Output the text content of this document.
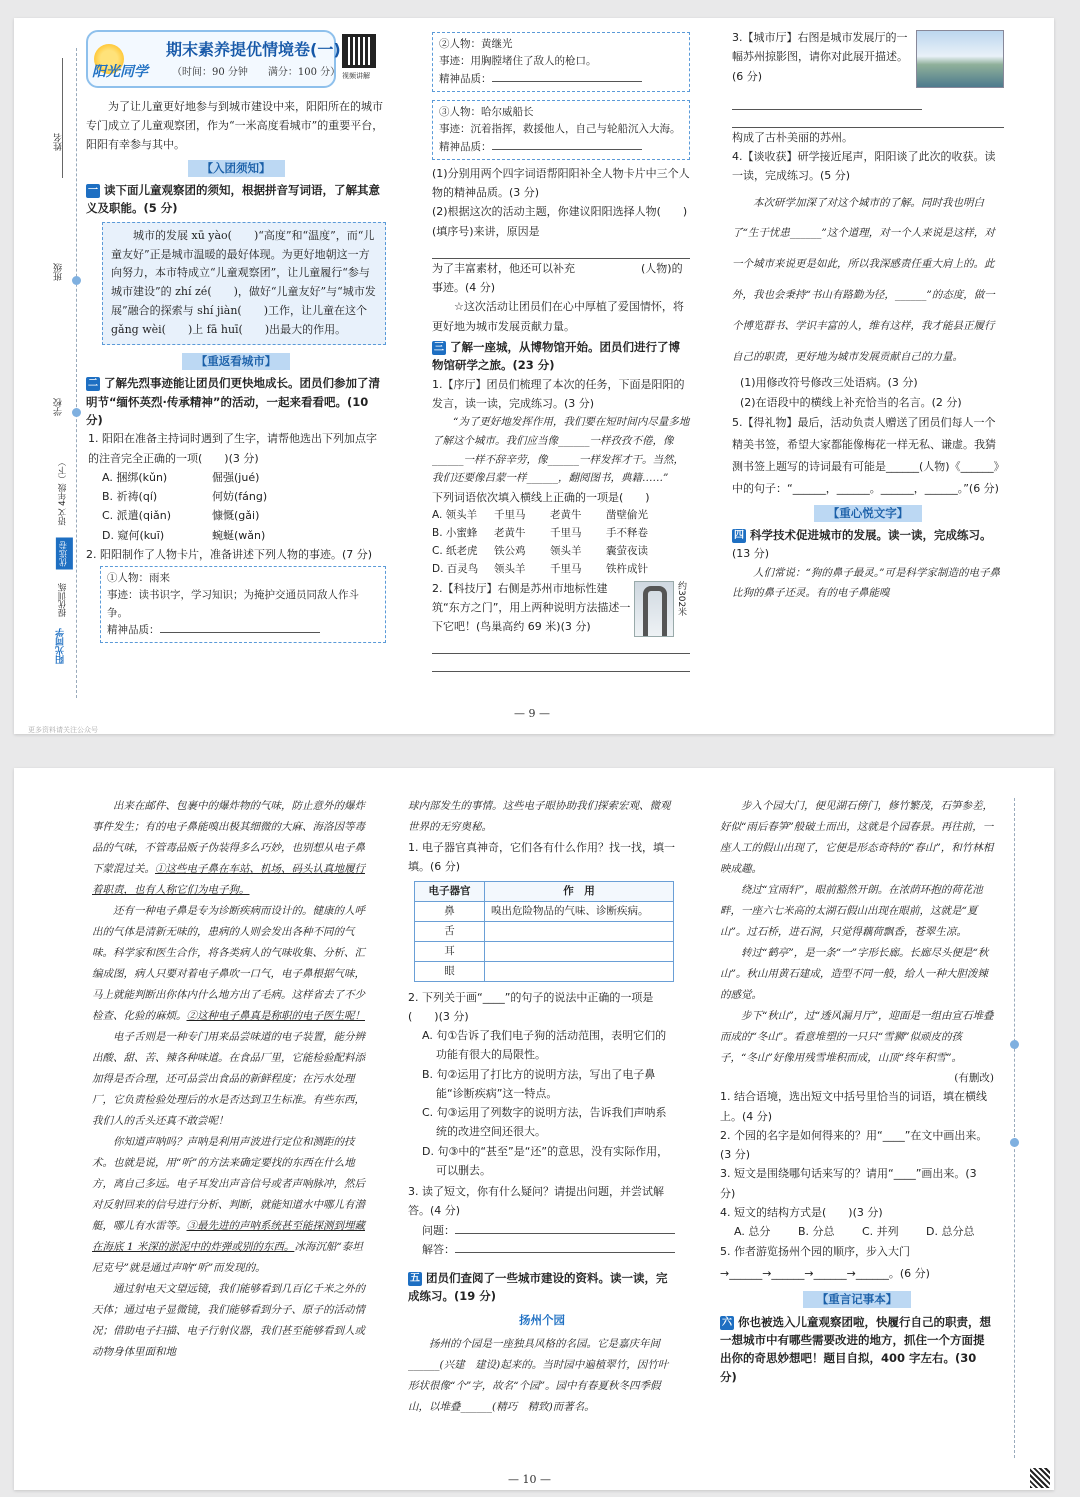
姓名
班级
学校
语文 4年级（下）
优选卷
提优训练
阳光同学
阳光同学
期末素养提优情境卷(一)
（时间：90 分钟　　满分：100 分） 视频讲解

为了让儿童更好地参与到城市建设中来，阳阳所在的城市专门成立了儿童观察团，作为“一米高度看城市”的重要平台，阳阳有幸参与其中。

【入团须知】
一 读下面儿童观察团的须知，根据拼音写词语，了解其意义及职能。(5 分)
城市的发展 xū yào(　　)“高度”和“温度”，而“儿童友好”正是城市温暖的最好体现。为更好地朝这一方向努力，本市特成立“儿童观察团”，让儿童履行“参与城市建设”的 zhí zé(　　)，做好“儿童友好”与“城市发展”融合的探索与 shí jiàn(　　)工作，让儿童在这个 gǎng wèi(　　)上 fā huī(　　)出最大的作用。
【重返看城市】
二 了解先烈事迹能让团员们更快地成长。团员们参加了清明节“缅怀英烈·传承精神”的活动，一起来看看吧。(10 分)
1. 阳阳在准备主持词时遇到了生字，请帮他选出下列加点字的注音完全正确的一项(　　)(3 分)
A. 捆绑(kǔn)	倔强(jué)
B. 祈祷(qí)	何妨(fáng)
C. 派遣(qiǎn)	慷慨(gǎi)
D. 窥何(kuī)	蜿蜒(wǎn)
2. 阳阳制作了人物卡片，准备讲述下列人物的事迹。(7 分)
①人物：雨来
事迹：读书识字，学习知识；为掩护交通员同敌人作斗争。
精神品质：
②人物：黄继光
事迹：用胸膛堵住了敌人的枪口。
精神品质：
③人物：哈尔威船长
事迹：沉着指挥，救援他人，自己与轮船沉入大海。
精神品质：
(1)分别用两个四字词语帮阳阳补全人物卡片中三个人物的精神品质。(3 分)
(2)根据这次的活动主题，你建议阳阳选择人物(　　)(填序号)来讲，原因是
为了丰富素材，他还可以补充　　　　　　(人物)的事迹。(4 分)
☆这次活动让团员们在心中厚植了爱国情怀，将更好地为城市发展贡献力量。
三 了解一座城，从博物馆开始。团员们进行了博物馆研学之旅。(23 分)
1.【序厅】团员们梳理了本次的任务，下面是阳阳的发言，读一读，完成练习。(3 分)
“为了更好地发挥作用，我们要在短时间内尽量多地了解这个城市。我们应当像______一样孜孜不倦，像______一样不辞辛劳，像______一样发挥才干。当然，我们还要像吕蒙一样______，翻阅图书，典籍……”
下列词语依次填入横线上正确的一项是(　　)
A. 领头羊 千里马 老黄牛 凿壁偷光
B. 小蜜蜂 老黄牛 千里马 手不释卷
C. 纸老虎 铁公鸡 领头羊 囊萤夜读
D. 百灵鸟 领头羊 千里马 铁杵成针
2.【科技厅】右侧是苏州市地标性建筑“东方之门”，用上两种说明方法描述一下它吧！(鸟巢高约 69 米)(3 分)
约302米
3.【城市厅】右图是城市发展厅的一幅苏州掠影图，请你对此展开描述。(6 分)
构成了古朴美丽的苏州。
4.【谈收获】研学接近尾声，阳阳谈了此次的收获。读一读，完成练习。(5 分)
本次研学加深了对这个城市的了解。同时我也明白了“生于忧患______”这个道理，对一个人来说是这样，对一个城市来说更是如此，所以我深感责任重大肩上的。此外，我也会秉持“书山有路勤为径，______”的态度，做一个博览群书、学识丰富的人，维有这样，我才能县正履行自己的职责，更好地为城市发展贡献自己的力量。
(1)用修改符号修改三处语病。(3 分)
(2)在语段中的横线上补充恰当的名言。(2 分)
5.【得礼物】最后，活动负责人赠送了团员们每人一个精美书签，希望大家都能像梅花一样无私、谦虚。我猜测书签上题写的诗词最有可能是______(人物)《______》中的句子：“______，______。______，______。”(6 分)
【重心悦文字】
四 科学技术促进城市的发展。读一读，完成练习。
(13 分)
人们常说：“狗的鼻子最灵。”可是科学家制造的电子鼻比狗的鼻子还灵。有的电子鼻能嗅
— 9 —
更多资料请关注公众号

出来在邮件、包裹中的爆炸物的气味，防止意外的爆炸事件发生；有的电子鼻能嗅出极其细微的大麻、海洛因等毒品的气味，不管毒品贩子伪装得多么巧妙，也别想从电子鼻下蒙混过关。①这些电子鼻在车站、机场、码头认真地履行着职责，也有人称它们为电子狗。

还有一种电子鼻是专为诊断疾病而设计的。健康的人呼出的气体是清新无味的，患病的人则会发出各种不同的气味。科学家和医生合作，将各类病人的气味收集、分析、汇编成图，病人只要对着电子鼻吹一口气，电子鼻根据气味，马上就能判断出你体内什么地方出了毛病。这样省去了不少检查、化验的麻烦。②这种电子鼻真是称职的电子医生呢！

电子舌则是一种专门用来品尝味道的电子装置，能分辨出酸、甜、苦、辣各种味道。在食品厂里，它能检验配料添加得是否合理，还可品尝出食品的新鲜程度；在污水处理厂，它负责检验处理后的水是否达到卫生标准。有些东西，我们人的舌头还真不敢尝呢！

你知道声呐吗？声呐是利用声波进行定位和测距的技术。也就是说，用“听”的方法来确定要找的东西在什么地方，离自己多远。电子耳发出声音信号或者声响脉冲，然后对反射回来的信号进行分析、判断，就能知道水中哪儿有潜艇，哪儿有水雷等。③最先进的声呐系统甚至能探测到埋藏在海底 1 米深的淤泥中的炸弹或别的东西。冰海沉船“泰坦尼克号”就是通过声呐“听”而发现的。

通过射电天文望远镜，我们能够看到几百亿千米之外的天体；通过电子显微镜，我们能够看到分子、原子的活动情况；借助电子扫描、电子行射仪器，我们甚至能够看到人或动物身体里面和地

球内部发生的事情。这些电子眼协助我们探索宏观、微观世界的无穷奥秘。
1. 电子器官真神奇，它们各有什么作用？找一找，填一填。(6 分)
电子器官	作　用
鼻	嗅出危险物品的气味、诊断疾病。
舌	
耳	
眼	
2. 下列关于画“____”的句子的说法中正确的一项是(　　)(3 分)
A. 句①告诉了我们电子狗的活动范围，表明它们的功能有很大的局限性。
B. 句②运用了打比方的说明方法，写出了电子鼻能“诊断疾病”这一特点。
C. 句③运用了列数字的说明方法，告诉我们声呐系统的改进空间还很大。
D. 句③中的“甚至”是“还”的意思，没有实际作用，可以删去。
3. 读了短文，你有什么疑问？请提出问题，并尝试解答。(4 分)
问题：
解答：
五 团员们查阅了一些城市建设的资料。读一读，完成练习。(19 分)
扬州个园
扬州的个园是一座独具风格的名园。它是嘉庆年间______(兴建　建设)起来的。当时园中遍植翠竹，因竹叶形状很像“个”字，故名“个园”。园中有春夏秋冬四季假山，以堆叠______(精巧　精致)而著名。

步入个园大门，便见湖石傍门，修竹繁茂，石笋参差，好似“雨后春笋”般破土而出，这就是个园春景。再往前，一座人工的假山出现了，它便是形态奇特的“春山”，和竹林相映成趣。

绕过“宜雨轩”，眼前豁然开朗。在浓荫环抱的荷花池畔，一座六七米高的太湖石假山出现在眼前，这就是“夏山”。过石桥，进石洞，只觉得藕荷飘香，苍翠生凉。

转过“鹤亭”，是一条“一”字形长廊。长廊尽头便是“秋山”。秋山用黄石建成，造型不同一般，给人一种大胆泼辣的感觉。

步下“秋山”，过“透风漏月厅”，迎面是一组由宣石堆叠而成的“冬山”。看意堆塑的一只只“雪狮”似顽皮的孩子，“冬山”好像用残雪堆积而成，山顶“终年积雪”。

(有删改)
1. 结合语境，选出短文中括号里恰当的词语，填在横线上。(4 分)
2. 个园的名字是如何得来的？用“____”在文中画出来。(3 分)
3. 短文是围绕哪句话来写的？请用“____”画出来。(3 分)
4. 短文的结构方式是(　　)(3 分)
A. 总分	B. 分总 C. 并列 D. 总分总
5. 作者游览扬州个园的顺序，步入大门→______→______→______→______。(6 分)
【重言记事本】
六 你也被选入儿童观察团啦，快履行自己的职责，想一想城市中有哪些需要改进的地方，抓住一个方面提出你的奇思妙想吧！题目自拟，400 字左右。(30 分)
— 10 —
